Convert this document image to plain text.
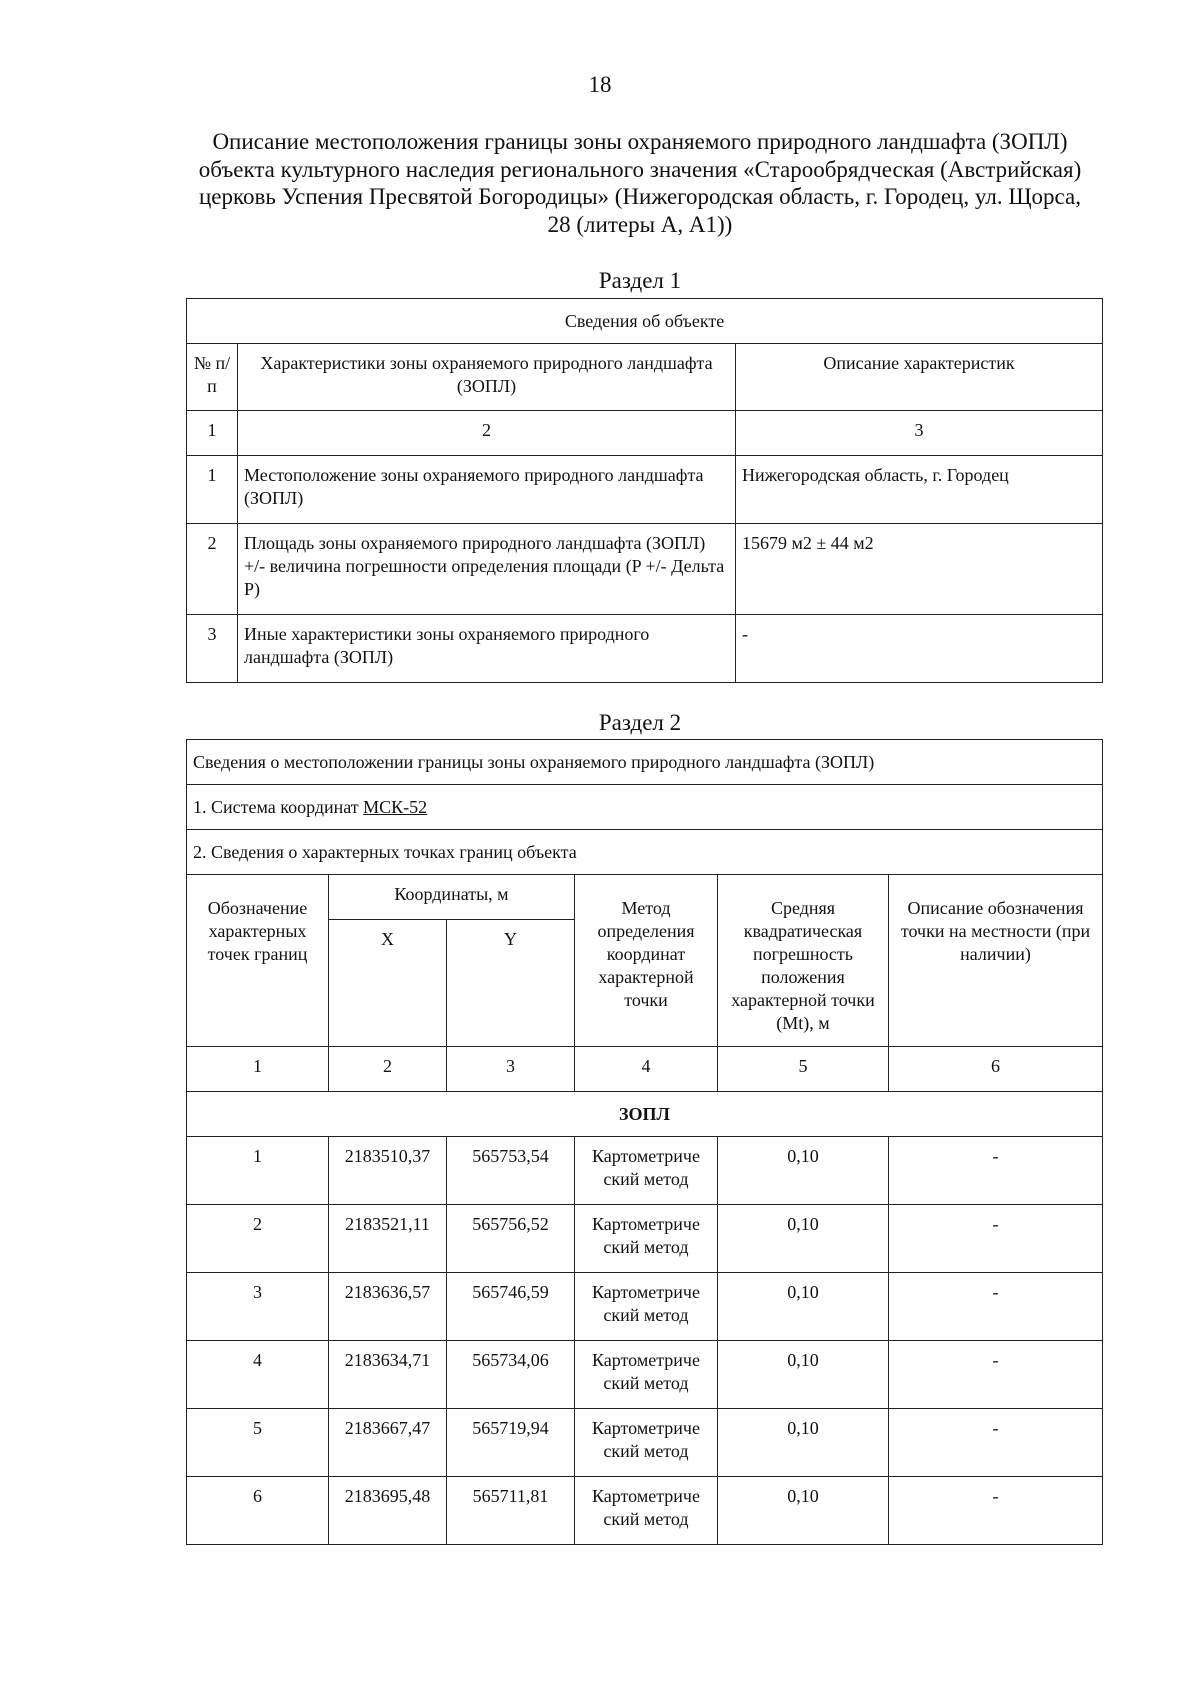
18
Описание местоположения границы зоны охраняемого природного ландшафта (ЗОПЛ)
объекта культурного наследия регионального значения «Старообрядческая (Австрийская)
церковь Успения Пресвятой Богородицы» (Нижегородская область, г. Городец, ул. Щорса,
28 (литеры А, А1))
Раздел 1
Сведения об объекте		
№ п/п	Характеристики зоны охраняемого природного ландшафта (ЗОПЛ)	Описание характеристик
1	2	3
1	Местоположение зоны охраняемого природного ландшафта (ЗОПЛ)	Нижегородская область, г. Городец
2	Площадь зоны охраняемого природного ландшафта (ЗОПЛ) +/- величина погрешности определения площади (P +/- Дельта P)	15679 м2 ± 44 м2
3	Иные характеристики зоны охраняемого природного ландшафта (ЗОПЛ)	-
Раздел 2
Сведения о местоположении границы зоны охраняемого природного ландшафта (ЗОПЛ)					
1. Система координат МСК-52					
2. Сведения о характерных точках границ объекта					
Обозначение характерных точек границ	Координаты, м		Метод определения координат характерной точки	Средняя квадратическая погрешность положения характерной точки (Mt), м	Описание обозначения точки на местности (при наличии)
	X	Y			
1	2	3	4	5	6
ЗОПЛ					
1	2183510,37	565753,54	Картометриче ский метод	0,10	-
2	2183521,11	565756,52	Картометриче ский метод	0,10	-
3	2183636,57	565746,59	Картометриче ский метод	0,10	-
4	2183634,71	565734,06	Картометриче ский метод	0,10	-
5	2183667,47	565719,94	Картометриче ский метод	0,10	-
6	2183695,48	565711,81	Картометриче ский метод	0,10	-
